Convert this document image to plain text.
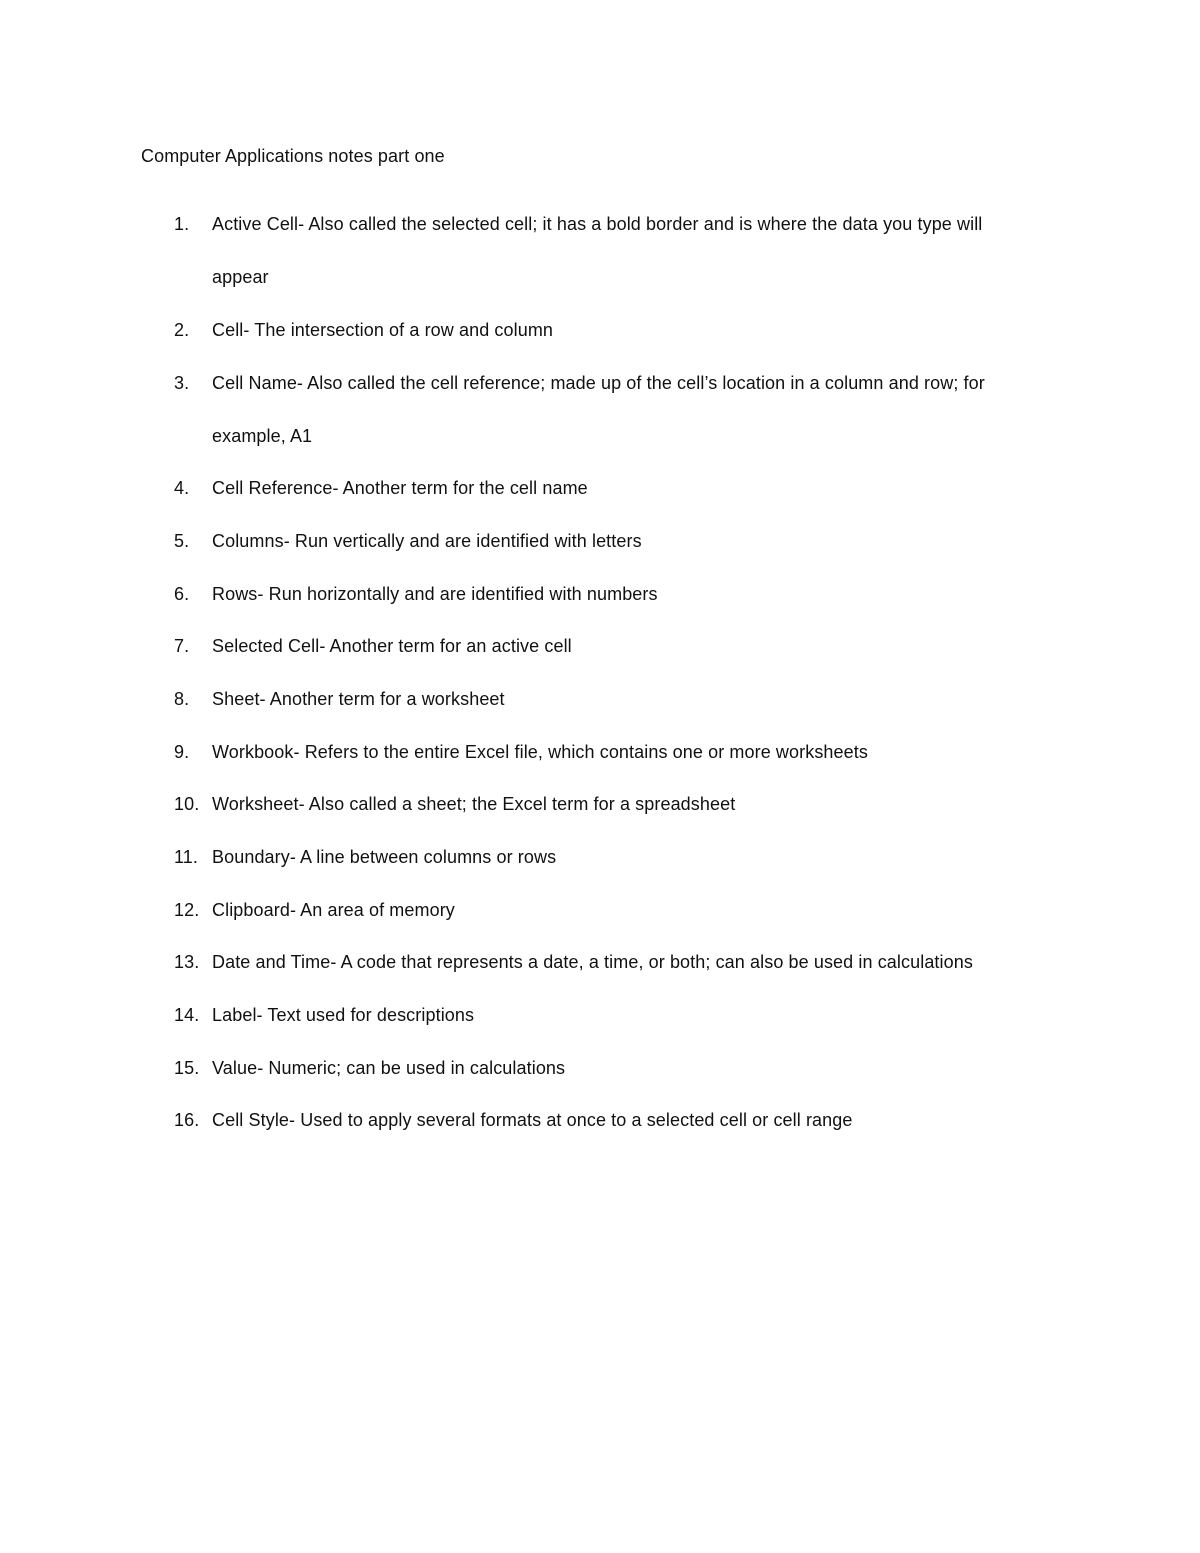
Computer Applications notes part one
1.	Active Cell- Also called the selected cell; it has a bold border and is where the data you type will
appear
2.	Cell- The intersection of a row and column
3.	Cell Name- Also called the cell reference; made up of the cell’s location in a column and row; for
example, A1
4.	Cell Reference- Another term for the cell name
5.	Columns- Run vertically and are identified with letters
6.	Rows- Run horizontally and are identified with numbers
7.	Selected Cell- Another term for an active cell
8.	Sheet- Another term for a worksheet
9.	Workbook- Refers to the entire Excel file, which contains one or more worksheets
10. Worksheet- Also called a sheet; the Excel term for a spreadsheet
11. Boundary- A line between columns or rows
12. Clipboard- An area of memory
13. Date and Time- A code that represents a date, a time, or both; can also be used in calculations
14. Label- Text used for descriptions
15. Value- Numeric; can be used in calculations
16. Cell Style- Used to apply several formats at once to a selected cell or cell range
